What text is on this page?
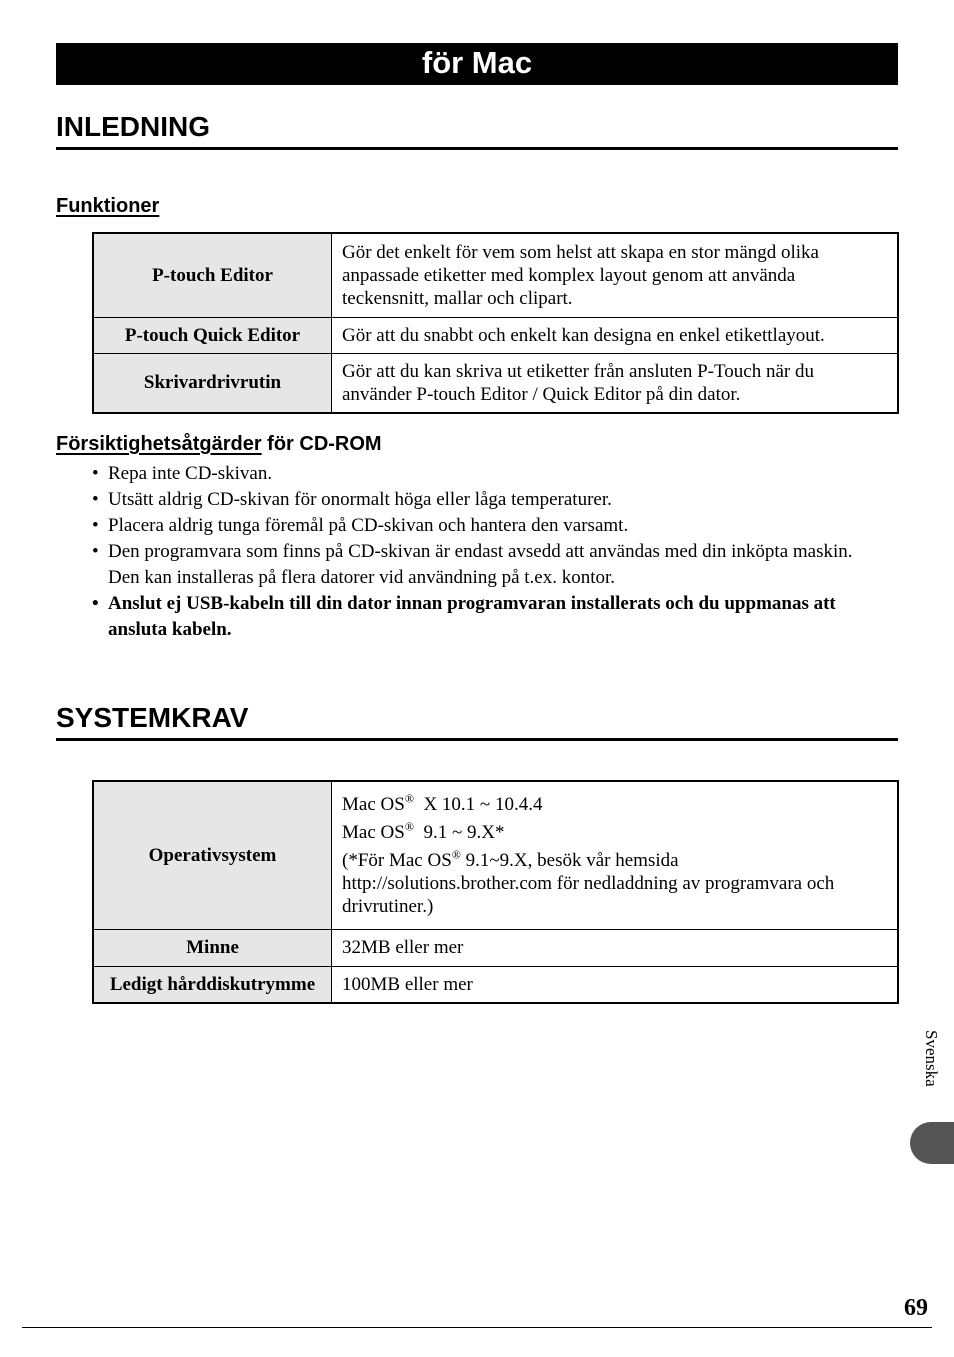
för Mac
INLEDNING
Funktioner
P-touch Editor	Gör det enkelt för vem som helst att skapa en stor mängd olika anpassade etiketter med komplex layout genom att använda teckensnitt, mallar och clipart.
P-touch Quick Editor	Gör att du snabbt och enkelt kan designa en enkel etikettlayout.
Skrivardrivrutin	Gör att du kan skriva ut etiketter från ansluten P-Touch när du använder P-touch Editor / Quick Editor på din dator.
Försiktighetsåtgärder för CD-ROM
• Repa inte CD-skivan.
• Utsätt aldrig CD-skivan för onormalt höga eller låga temperaturer.
• Placera aldrig tunga föremål på CD-skivan och hantera den varsamt.
• Den programvara som finns på CD-skivan är endast avsedd att användas med din inköpta maskin.
Den kan installeras på flera datorer vid användning på t.ex. kontor.
• Anslut ej USB-kabeln till din dator innan programvaran installerats och du uppmanas att ansluta kabeln.
SYSTEMKRAV
Operativsystem	Mac OS®  X 10.1 ~ 10.4.4
Mac OS®  9.1 ~ 9.X*
(*För Mac OS® 9.1~9.X, besök vår hemsida http://solutions.brother.com för nedladdning av programvara och drivrutiner.)
Minne	32MB eller mer
Ledigt hårddiskutrymme	100MB eller mer
Svenska
69
